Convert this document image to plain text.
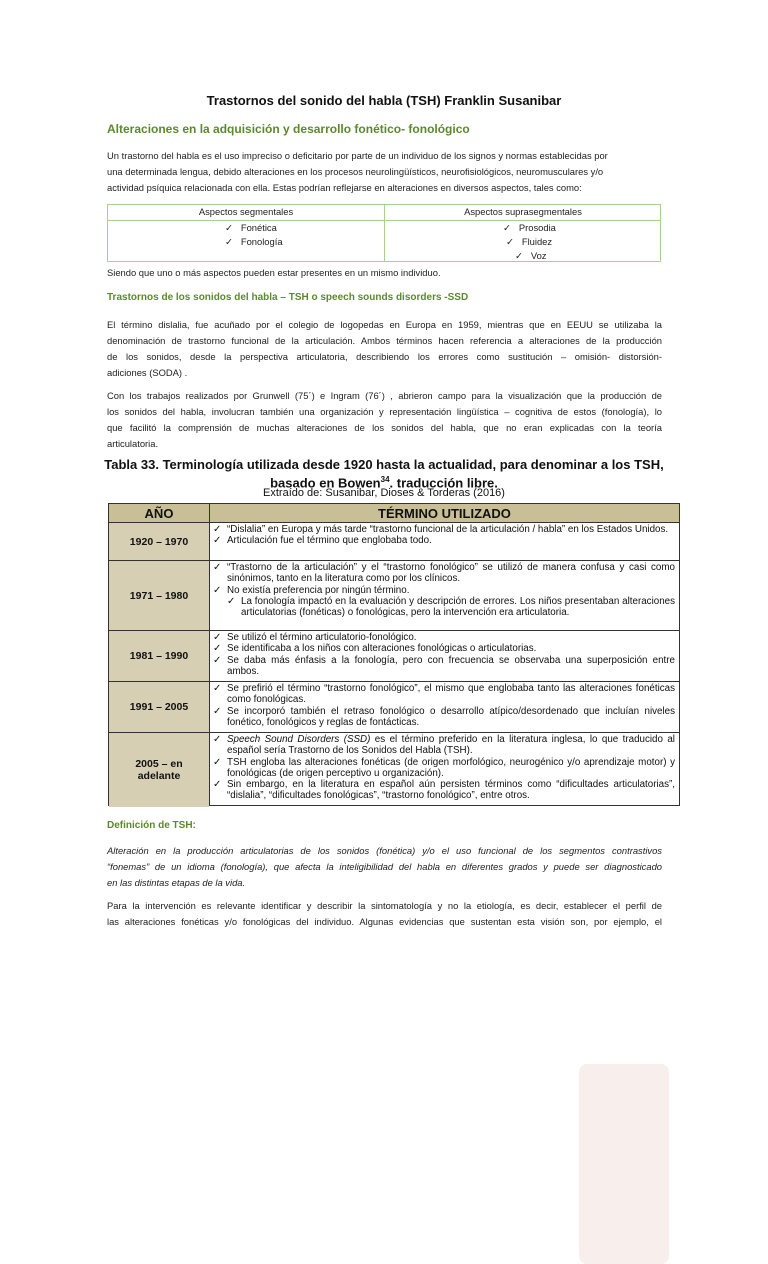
Trastornos del sonido del habla (TSH) Franklin Susanibar
Alteraciones en la adquisición y desarrollo fonético- fonológico
Un trastorno del habla es el uso impreciso o deficitario por parte de un individuo de los signos y normas establecidas por
una determinada lengua, debido alteraciones en los procesos neurolingüísticos, neurofisiológicos, neuromusculares y/o
actividad psíquica relacionada con ella. Estas podrían reflejarse en alteraciones en diversos aspectos, tales como:
Aspectos segmentales	Aspectos suprasegmentales
✓ Fonética
✓ Fonología
✓ Prosodia
✓ Fluidez
✓ Voz
Siendo que uno o más aspectos pueden estar presentes en un mismo individuo.
Trastornos de los sonidos del habla – TSH o speech sounds disorders -SSD
El término dislalia, fue acuñado por el colegio de logopedas en Europa en 1959, mientras que en EEUU se utilizaba la
denominación de trastorno funcional de la articulación. Ambos términos hacen referencia a alteraciones de la producción
de los sonidos, desde la perspectiva articulatoria, describiendo los errores como sustitución – omisión- distorsión-
adiciones (SODA) .
Con los trabajos realizados por Grunwell (75´) e Ingram (76´) , abrieron campo para la visualización que la producción de
los sonidos del habla, involucran también una organización y representación lingüística – cognitiva de estos (fonología), lo
que facilitó la comprensión de muchas alteraciones de los sonidos del habla, que no eran explicadas con la teoría
articulatoria.
Tabla 33. Terminología utilizada desde 1920 hasta la actualidad, para denominar a los TSH,
basado en Bowen$^{34}$. traducción libre.
Extraído de: Susanibar, Dioses & Torderas (2016)
AÑO	TÉRMINO UTILIZADO
1920 – 1970
✓ “Dislalia” en Europa y más tarde “trastorno funcional de la articulación / habla” en los Estados Unidos.
✓ Articulación fue el término que englobaba todo.
1971 – 1980
✓ “Trastorno de la articulación” y el “trastorno fonológico” se utilizó de manera confusa y casi como sinónimos, tanto en la literatura como por los clínicos.
✓ No existía preferencia por ningún término.
✓ La fonología impactó en la evaluación y descripción de errores. Los niños presentaban alteraciones articulatorias (fonéticas) o fonológicas, pero la intervención era articulatoria.
1981 – 1990
✓ Se utilizó el término articulatorio-fonológico.
✓ Se identificaba a los niños con alteraciones fonológicas o articulatorias.
✓ Se daba más énfasis a la fonología, pero con frecuencia se observaba una superposición entre ambos.
1991 – 2005
✓ Se prefirió el término “trastorno fonológico”, el mismo que englobaba tanto las alteraciones fonéticas como fonológicas.
✓ Se incorporó también el retraso fonológico o desarrollo atípico/desordenado que incluían niveles fonético, fonológicos y reglas de fontácticas.
2005 – en adelante
✓ Speech Sound Disorders (SSD) es el término preferido en la literatura inglesa, lo que traducido al español sería Trastorno de los Sonidos del Habla (TSH).
✓ TSH engloba las alteraciones fonéticas (de origen morfológico, neurogénico y/o aprendizaje motor) y fonológicas (de origen perceptivo u organización).
✓ Sin embargo, en la literatura en español aún persisten términos como “dificultades articulatorias”, “dislalia”, “dificultades fonológicas”, “trastorno fonológico”, entre otros.
Definición de TSH:
Alteración en la producción articulatorias de los sonidos (fonética) y/o el uso funcional de los segmentos contrastivos
“fonemas” de un idioma (fonología), que afecta la inteligibilidad del habla en diferentes grados y puede ser diagnosticado
en las distintas etapas de la vida.
Para la intervención es relevante identificar y describir la sintomatología y no la etiología, es decir, establecer el perfil de
las alteraciones fonéticas y/o fonológicas del individuo. Algunas evidencias que sustentan esta visión son, por ejemplo, el
